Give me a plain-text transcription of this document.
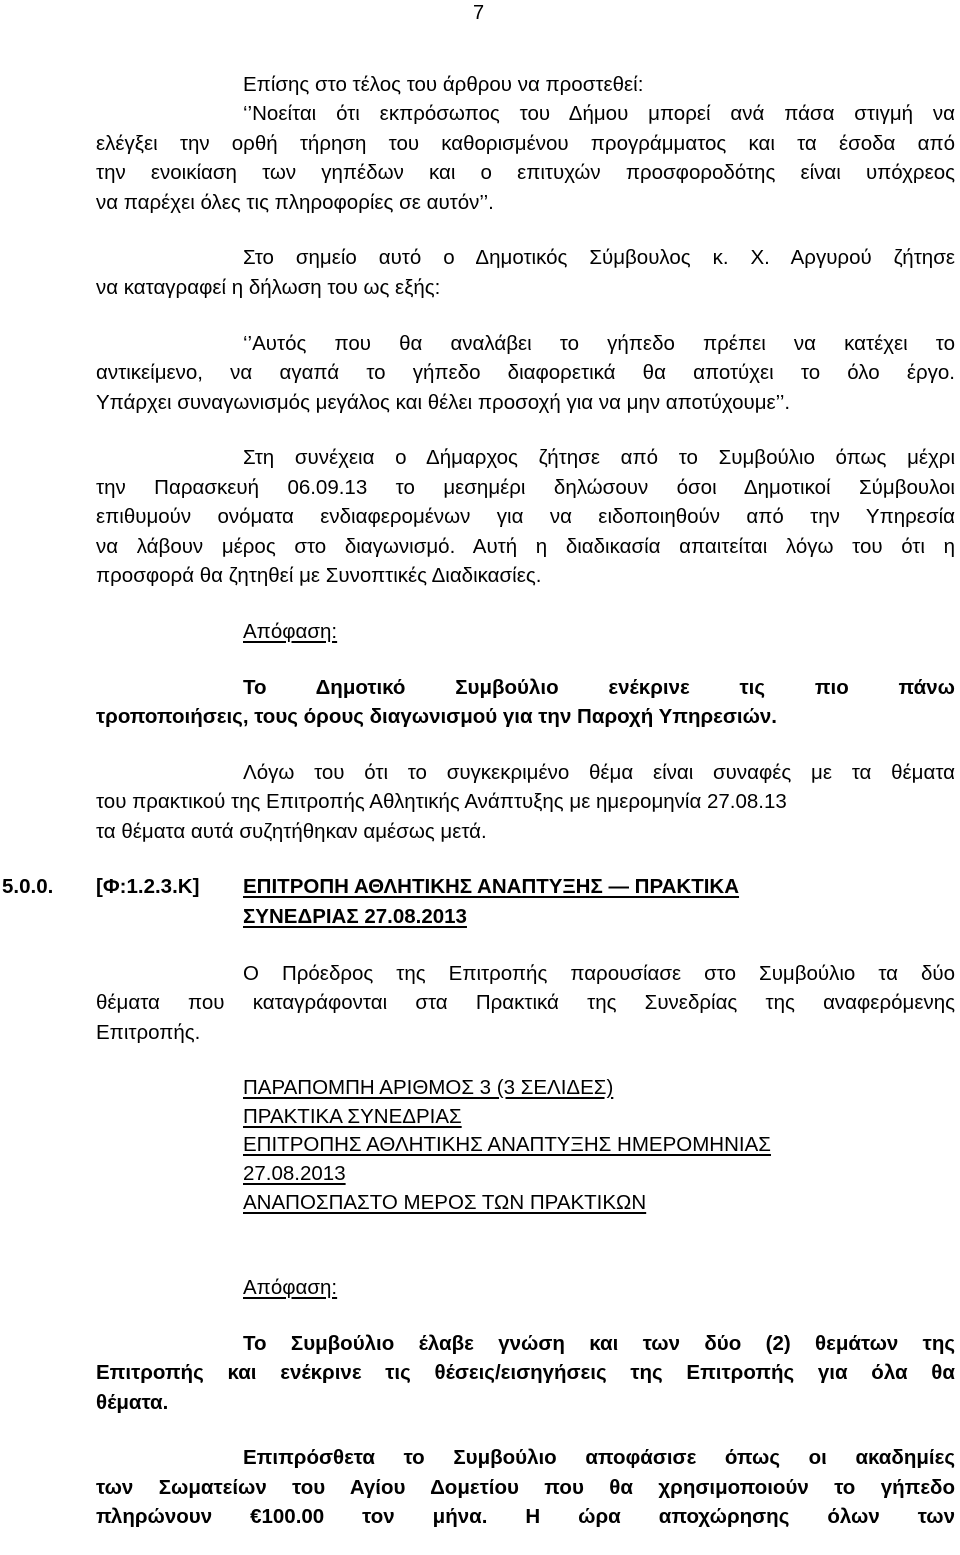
7
Επίσης στο τέλος του άρθρου να προστεθεί:
‘’Νοείται ότι εκπρόσωπος του Δήμου μπορεί ανά πάσα στιγμή να
ελέγξει την ορθή τήρηση του καθορισμένου προγράμματος και τα έσοδα από
την ενοικίαση των γηπέδων και ο επιτυχών προσφοροδότης είναι υπόχρεος
να παρέχει όλες τις πληροφορίες σε αυτόν’’.
Στο σημείο αυτό ο Δημοτικός Σύμβουλος κ. Χ. Αργυρού ζήτησε
να καταγραφεί η δήλωση του ως εξής:
‘’Αυτός που θα αναλάβει το γήπεδο πρέπει να κατέχει το
αντικείμενο, να αγαπά το γήπεδο διαφορετικά θα αποτύχει το όλο έργο.
Υπάρχει συναγωνισμός μεγάλος και θέλει προσοχή για να μην αποτύχουμε’’.
Στη συνέχεια ο Δήμαρχος ζήτησε από το Συμβούλιο όπως μέχρι
την Παρασκευή 06.09.13 το μεσημέρι δηλώσουν όσοι Δημοτικοί Σύμβουλοι
επιθυμούν ονόματα ενδιαφερομένων για να ειδοποιηθούν από την Υπηρεσία
να λάβουν μέρος στο διαγωνισμό. Αυτή η διαδικασία απαιτείται λόγω του ότι η
προσφορά θα ζητηθεί με Συνοπτικές Διαδικασίες.
Απόφαση:
Το Δημοτικό Συμβούλιο ενέκρινε τις πιο πάνω
τροποποιήσεις, τους όρους διαγωνισμού για την Παροχή Υπηρεσιών.
Λόγω του ότι το συγκεκριμένο θέμα είναι συναφές με τα θέματα
του πρακτικού της Επιτροπής Αθλητικής Ανάπτυξης με ημερομηνία 27.08.13
τα θέματα αυτά συζητήθηκαν αμέσως μετά.
5.0.0. [Φ:1.2.3.Κ] ΕΠΙΤΡΟΠΗ ΑΘΛΗΤΙΚΗΣ ΑΝΑΠΤΥΞΗΣ — ΠΡΑΚΤΙΚΑ
ΣΥΝΕΔΡΙΑΣ 27.08.2013
Ο Πρόεδρος της Επιτροπής παρουσίασε στο Συμβούλιο τα δύο
θέματα που καταγράφονται στα Πρακτικά της Συνεδρίας της αναφερόμενης
Επιτροπής.
ΠΑΡΑΠΟΜΠΗ ΑΡΙΘΜΟΣ 3 (3 ΣΕΛΙΔΕΣ)
ΠΡΑΚΤΙΚΑ ΣΥΝΕΔΡΙΑΣ
ΕΠΙΤΡΟΠΗΣ ΑΘΛΗΤΙΚΗΣ ΑΝΑΠΤΥΞΗΣ ΗΜΕΡΟΜΗΝΙΑΣ
27.08.2013
ΑΝΑΠΟΣΠΑΣΤΟ ΜΕΡΟΣ ΤΩΝ ΠΡΑΚΤΙΚΩΝ
Απόφαση:
Το Συμβούλιο έλαβε γνώση και των δύο (2) θεμάτων της
Επιτροπής και ενέκρινε τις θέσεις/εισηγήσεις της Επιτροπής για όλα θα
θέματα.
Επιπρόσθετα το Συμβούλιο αποφάσισε όπως οι ακαδημίες
των Σωματείων του Αγίου Δομετίου που θα χρησιμοποιούν το γήπεδο
πληρώνουν €100.00 τον μήνα. Η ώρα αποχώρησης όλων των
